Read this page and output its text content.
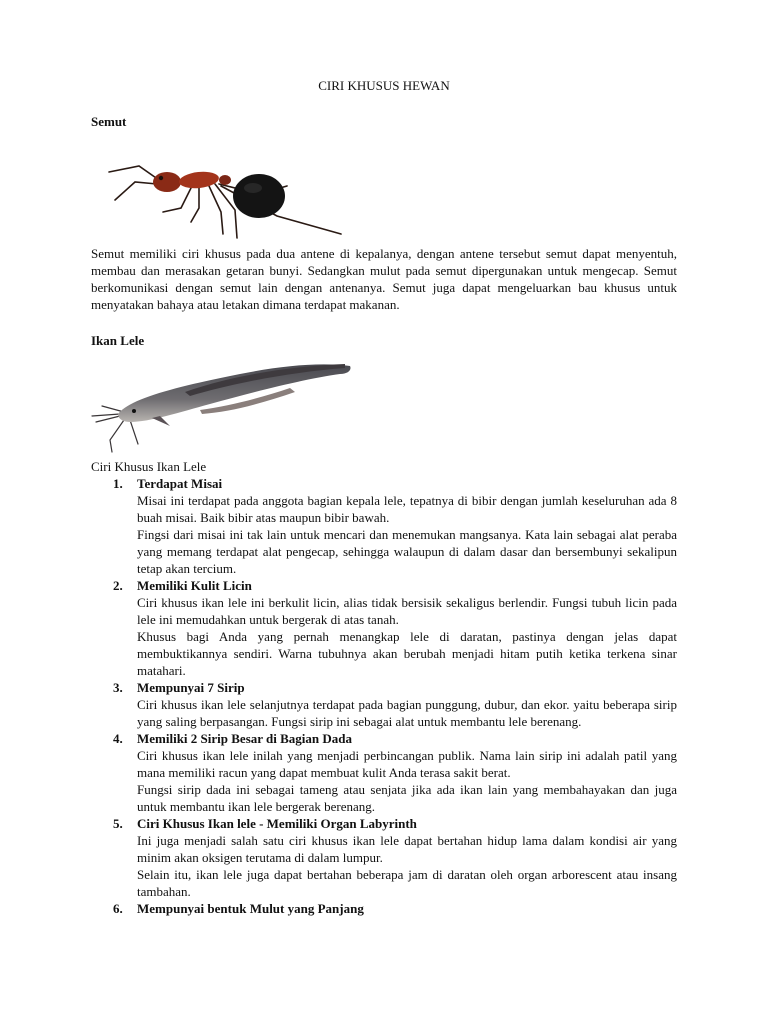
CIRI KHUSUS HEWAN
Semut
Semut memiliki ciri khusus pada dua antene di kepalanya, dengan antene tersebut semut dapat menyentuh, membau dan merasakan getaran bunyi. Sedangkan mulut pada semut dipergunakan untuk mengecap. Semut berkomunikasi dengan semut lain dengan antenanya. Semut juga dapat mengeluarkan bau khusus untuk menyatakan bahaya atau letakan dimana terdapat makanan.
Ikan Lele
Ciri Khusus Ikan Lele
1. Terdapat Misai
Misai ini terdapat pada anggota bagian kepala lele, tepatnya di bibir dengan jumlah keseluruhan ada 8 buah misai. Baik bibir atas maupun bibir bawah.
Fingsi dari misai ini tak lain untuk mencari dan menemukan mangsanya. Kata lain sebagai alat peraba yang memang terdapat alat pengecap, sehingga walaupun di dalam dasar dan bersembunyi sekalipun tetap akan tercium.
2. Memiliki Kulit Licin
Ciri khusus ikan lele ini berkulit licin, alias tidak bersisik sekaligus berlendir. Fungsi tubuh licin pada lele ini memudahkan untuk bergerak di atas tanah.
Khusus bagi Anda yang pernah menangkap lele di daratan, pastinya dengan jelas dapat membuktikannya sendiri. Warna tubuhnya akan berubah menjadi hitam putih ketika terkena sinar matahari.
3. Mempunyai 7 Sirip
Ciri khusus ikan lele selanjutnya terdapat pada bagian punggung, dubur, dan ekor. yaitu beberapa sirip yang saling berpasangan. Fungsi sirip ini sebagai alat untuk membantu lele berenang.
4. Memiliki 2 Sirip Besar di Bagian Dada
Ciri khusus ikan lele inilah yang menjadi perbincangan publik. Nama lain sirip ini adalah patil yang mana memiliki racun yang dapat membuat kulit Anda terasa sakit berat.
Fungsi sirip dada ini sebagai tameng atau senjata jika ada ikan lain yang membahayakan dan juga untuk membantu ikan lele bergerak berenang.
5. Ciri Khusus Ikan lele - Memiliki Organ Labyrinth
Ini juga menjadi salah satu ciri khusus ikan lele dapat bertahan hidup lama dalam kondisi air yang minim akan oksigen terutama di dalam lumpur.
Selain itu, ikan lele juga dapat bertahan beberapa jam di daratan oleh organ arborescent atau insang tambahan.
6. Mempunyai bentuk Mulut yang Panjang
